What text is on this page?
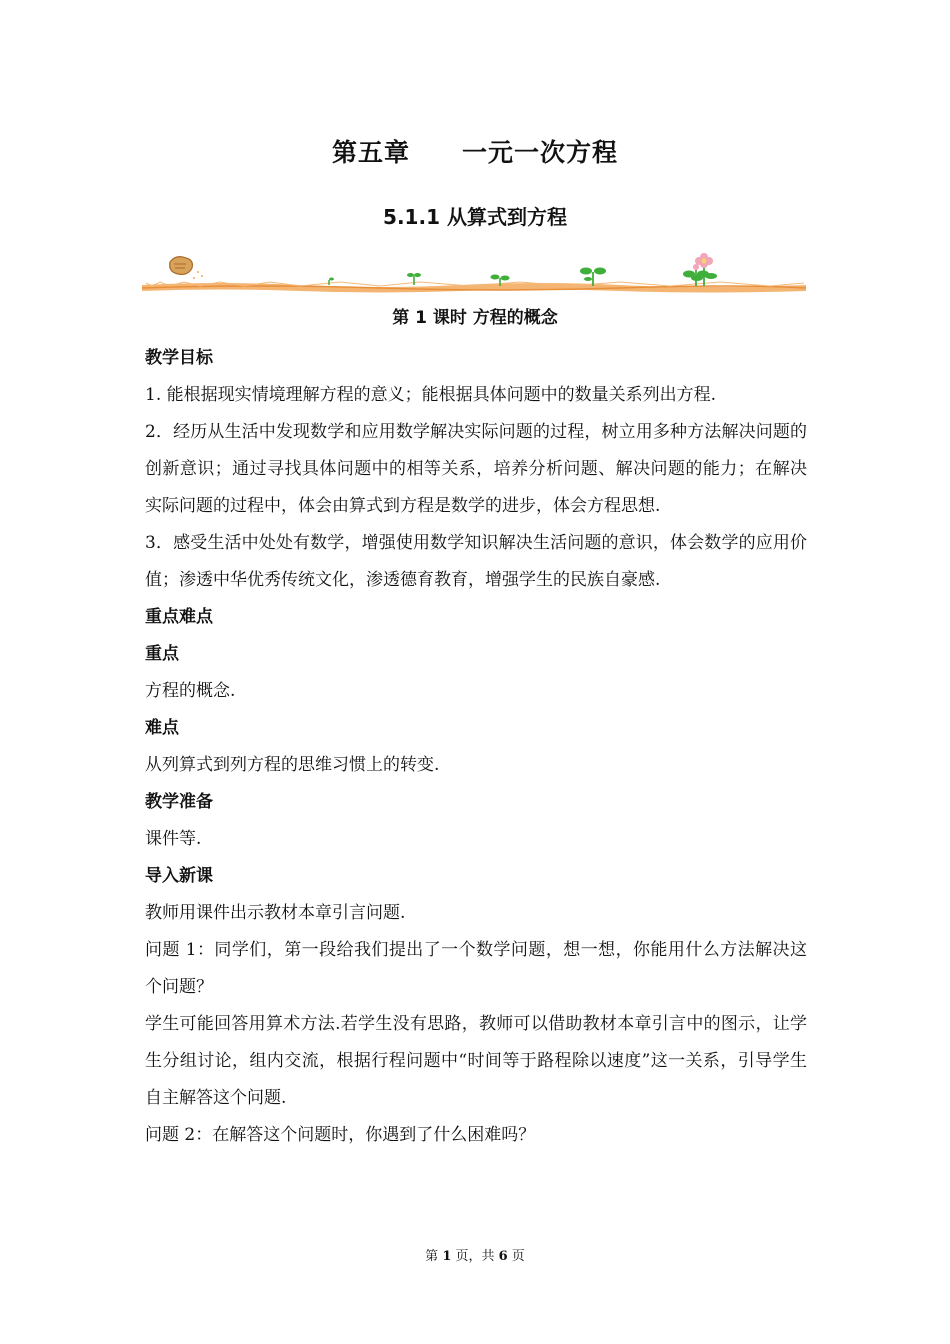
第五章　　一元一次方程
5.1.1 从算式到方程
第 1 课时 方程的概念

教学目标

1. 能根据现实情境理解方程的意义；能根据具体问题中的数量关系列出方程.

2．经历从生活中发现数学和应用数学解决实际问题的过程，树立用多种方法解决问题的创新意识；通过寻找具体问题中的相等关系，培养分析问题、解决问题的能力；在解决实际问题的过程中，体会由算式到方程是数学的进步，体会方程思想.

3．感受生活中处处有数学，增强使用数学知识解决生活问题的意识，体会数学的应用价值；渗透中华优秀传统文化，渗透德育教育，增强学生的民族自豪感.

重点难点

重点

方程的概念.

难点

从列算式到列方程的思维习惯上的转变.

教学准备

课件等.

导入新课

教师用课件出示教材本章引言问题.

问题 1：同学们，第一段给我们提出了一个数学问题，想一想，你能用什么方法解决这个问题？

学生可能回答用算术方法.若学生没有思路，教师可以借助教材本章引言中的图示，让学生分组讨论，组内交流，根据行程问题中“时间等于路程除以速度”这一关系，引导学生自主解答这个问题.

问题 2：在解答这个问题时，你遇到了什么困难吗？

第 1 页，共 6 页
